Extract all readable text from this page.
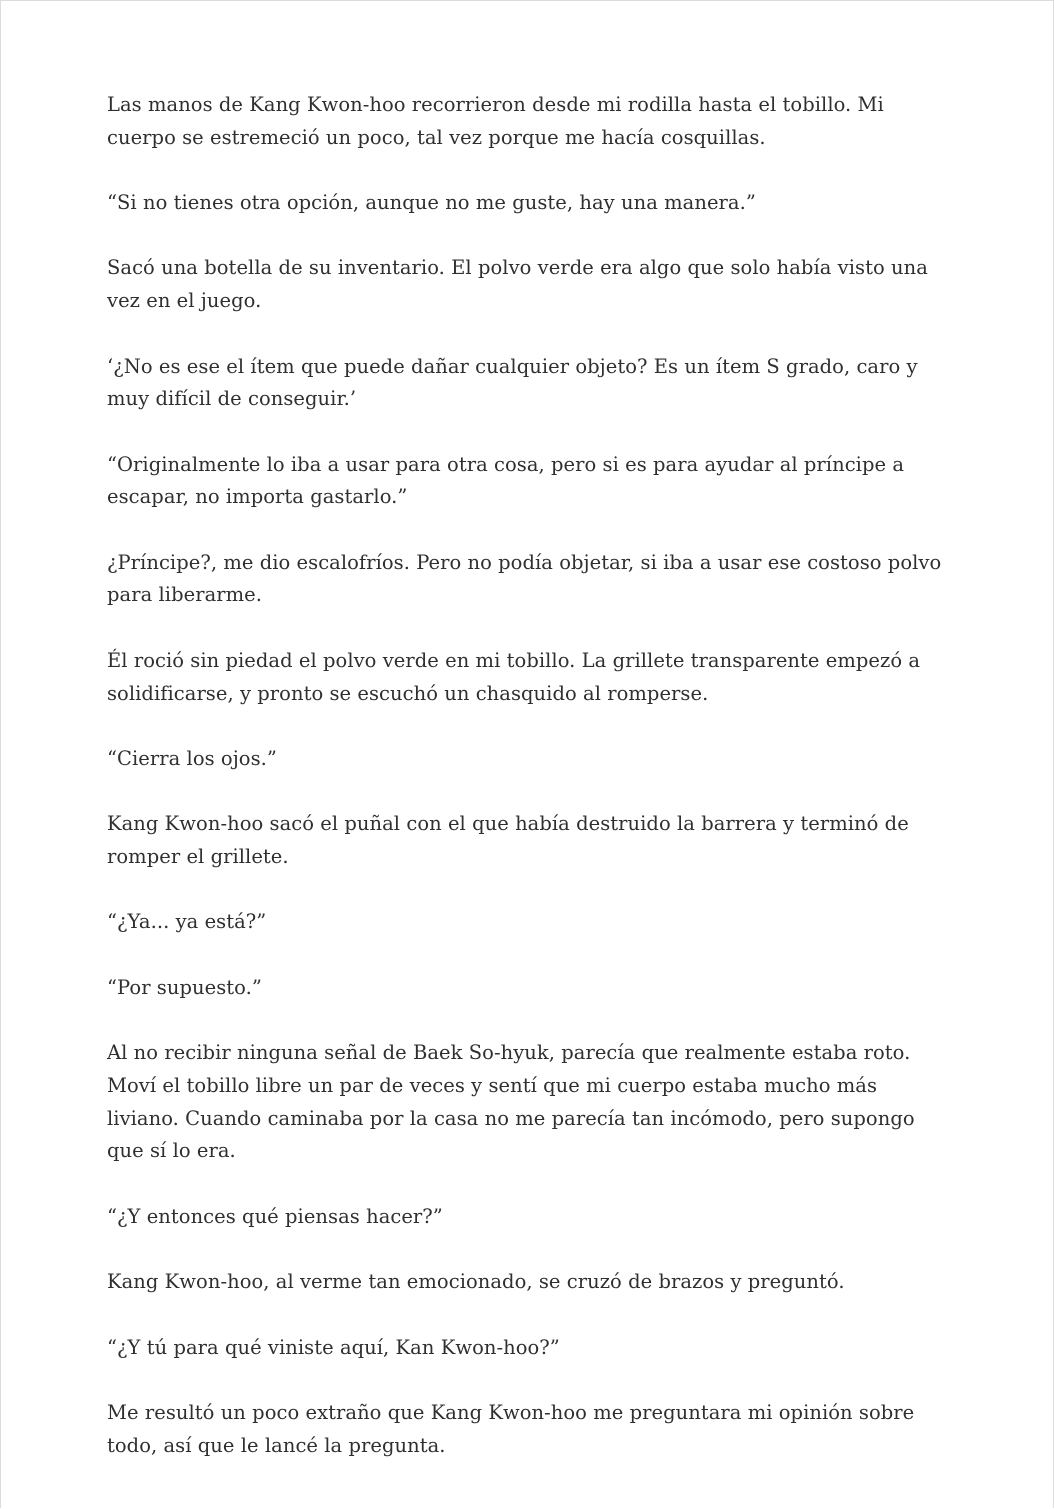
Las manos de Kang Kwon-hoo recorrieron desde mi rodilla hasta el tobillo. Mi cuerpo se estremeció un poco, tal vez porque me hacía cosquillas.

“Si no tienes otra opción, aunque no me guste, hay una manera.”

Sacó una botella de su inventario. El polvo verde era algo que solo había visto una vez en el juego.

‘¿No es ese el ítem que puede dañar cualquier objeto? Es un ítem S grado, caro y muy difícil de conseguir.’

“Originalmente lo iba a usar para otra cosa, pero si es para ayudar al príncipe a escapar, no importa gastarlo.”

¿Príncipe?, me dio escalofríos. Pero no podía objetar, si iba a usar ese costoso polvo para liberarme.

Él roció sin piedad el polvo verde en mi tobillo. La grillete transparente empezó a solidificarse, y pronto se escuchó un chasquido al romperse.

“Cierra los ojos.”

Kang Kwon-hoo sacó el puñal con el que había destruido la barrera y terminó de romper el grillete.

“¿Ya... ya está?”

“Por supuesto.”

Al no recibir ninguna señal de Baek So-hyuk, parecía que realmente estaba roto. Moví el tobillo libre un par de veces y sentí que mi cuerpo estaba mucho más liviano. Cuando caminaba por la casa no me parecía tan incómodo, pero supongo que sí lo era.

“¿Y entonces qué piensas hacer?”

Kang Kwon-hoo, al verme tan emocionado, se cruzó de brazos y preguntó.

“¿Y tú para qué viniste aquí, Kan Kwon-hoo?”

Me resultó un poco extraño que Kang Kwon-hoo me preguntara mi opinión sobre todo, así que le lancé la pregunta.
